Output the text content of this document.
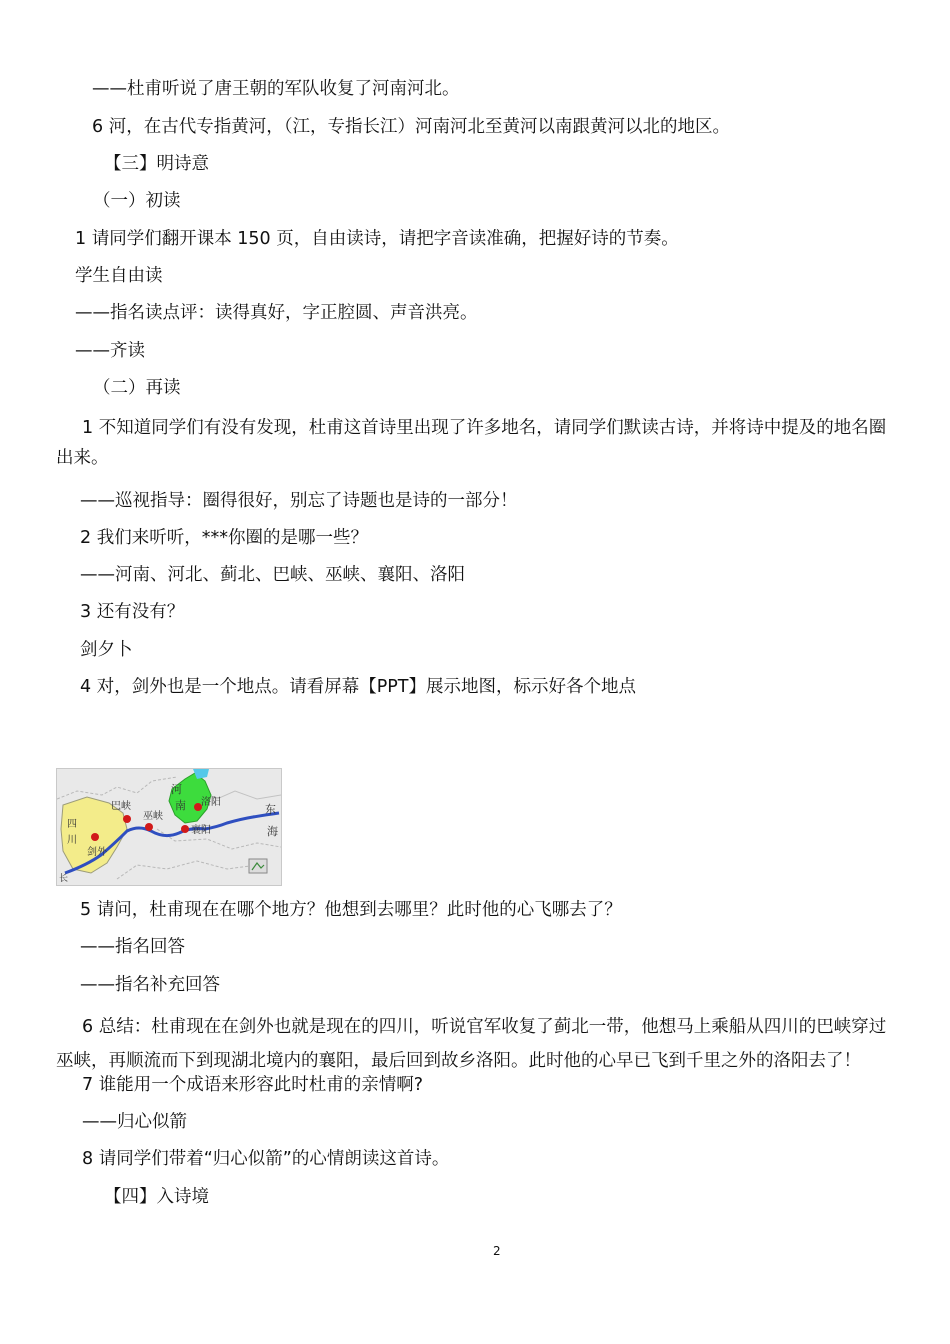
——杜甫听说了唐王朝的军队收复了河南河北。
6 河，在古代专指黄河，（江，专指长江）河南河北至黄河以南跟黄河以北的地区。
【三】明诗意
（一）初读
1 请同学们翻开课本 150 页，自由读诗，请把字音读准确，把握好诗的节奏。
学生自由读
——指名读点评：读得真好，字正腔圆、声音洪亮。
——齐读
（二）再读
1 不知道同学们有没有发现，杜甫这首诗里出现了许多地名，请同学们默读古诗，并将诗中提及的地名圈出来。
——巡视指导：圈得很好，别忘了诗题也是诗的一部分！
2 我们来听听，***你圈的是哪一些？
——河南、河北、蓟北、巴峡、巫峡、襄阳、洛阳
3 还有没有？
剑夕卜
4 对，剑外也是一个地点。请看屏幕【PPT】展示地图，标示好各个地点
巴峡
巫峡
洛阳
襄阳
剑外
四
川
河
南	东
海
长
5 请问，杜甫现在在哪个地方？他想到去哪里？此时他的心飞哪去了？
——指名回答
——指名补充回答
6 总结：杜甫现在在剑外也就是现在的四川，听说官军收复了蓟北一带，他想马上乘船从四川的巴峡穿过巫峡，再顺流而下到现湖北境内的襄阳，最后回到故乡洛阳。此时他的心早已飞到千里之外的洛阳去了！
7 谁能用一个成语来形容此时杜甫的亲情啊?
——归心似箭
8 请同学们带着“归心似箭”的心情朗读这首诗。
【四】入诗境
2
